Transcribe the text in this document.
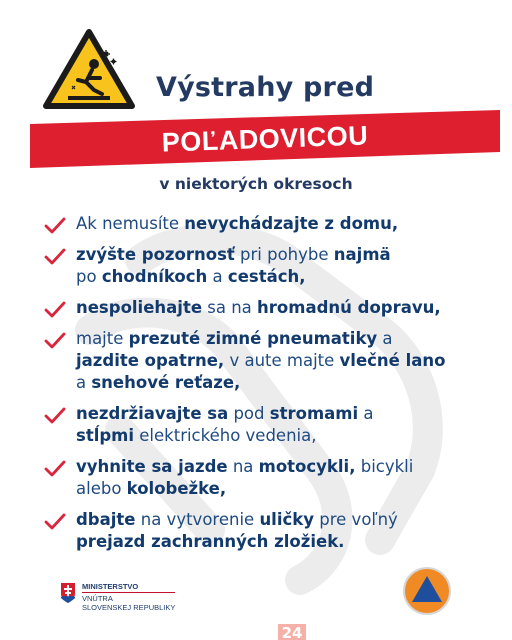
Výstrahy pred
POĽADOVICOU
v niektorých okresoch
Ak nemusíte nevychádzajte z domu,
zvýšte pozornosť pri pohybe najmä
po chodníkoch a cestách,
nespoliehajte sa na hromadnú dopravu,
majte prezuté zimné pneumatiky a
jazdite opatrne, v aute majte vlečné lano
a snehové reťaze,
nezdržiavajte sa pod stromami a
stĺpmi elektrického vedenia,
vyhnite sa jazde na motocykli, bicykli
alebo kolobežke,
dbajte na vytvorenie uličky pre voľný
prejazd zachranných zložiek.
MINISTERSTVO
VNÚTRA
SLOVENSKEJ REPUBLIKY
24
